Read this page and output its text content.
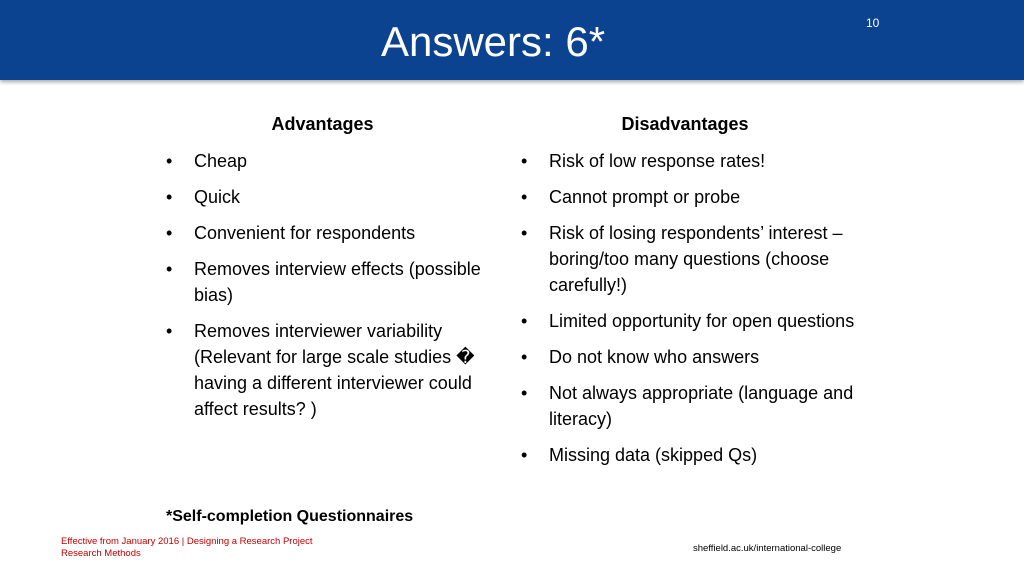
Answers: 6*	10
Advantages
• Cheap
• Quick
• Convenient for respondents
• Removes interview effects (possible bias)
• Removes interviewer variability (Relevant for large scale studies � having a different interviewer could affect results? )
Disadvantages
• Risk of low response rates!
• Cannot prompt or probe
• Risk of losing respondents’ interest – boring/too many questions (choose carefully!)
• Limited opportunity for open questions
• Do not know who answers
• Not always appropriate (language and literacy)
• Missing data (skipped Qs)
*Self-completion Questionnaires
Effective from January 2016 | Designing a Research Project
Research Methods	sheffield.ac.uk/international-college
